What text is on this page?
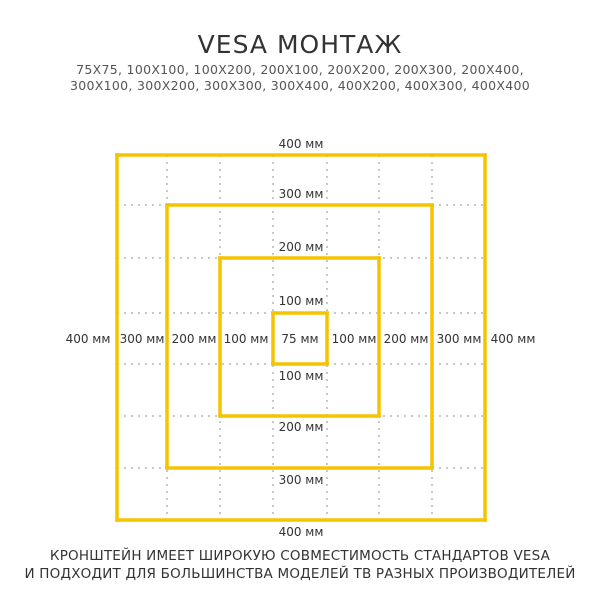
VESA МОНТАЖ
75X75, 100X100, 100X200, 200X100, 200X200, 200X300, 200X400,
300X100, 300X200, 300X300, 300X400, 400X200, 400X300, 400X400
400 мм
400 мм
300 мм
300 мм
200 мм
200 мм
100 мм
100 мм
400 мм 300 мм 200 мм 100 мм 75 мм 100 мм 200 мм 300 мм 400 мм
КРОНШТЕЙН ИМЕЕТ ШИРОКУЮ СОВМЕСТИМОСТЬ СТАНДАРТОВ VESA
И ПОДХОДИТ ДЛЯ БОЛЬШИНСТВА МОДЕЛЕЙ ТВ РАЗНЫХ ПРОИЗВОДИТЕЛЕЙ
